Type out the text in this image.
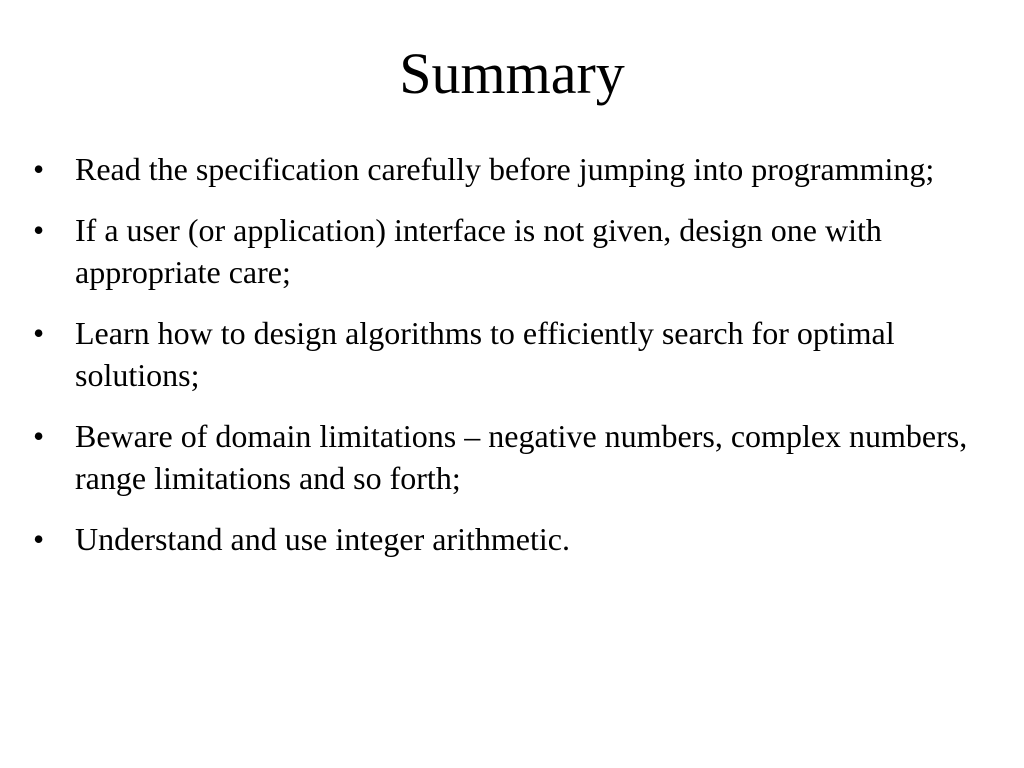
Summary
• Read the specification carefully before jumping into programming;
• If a user (or application) interface is not given, design one with appropriate care;
• Learn how to design algorithms to efficiently search for optimal solutions;
• Beware of domain limitations – negative numbers, complex numbers, range limitations and so forth;
• Understand and use integer arithmetic.
